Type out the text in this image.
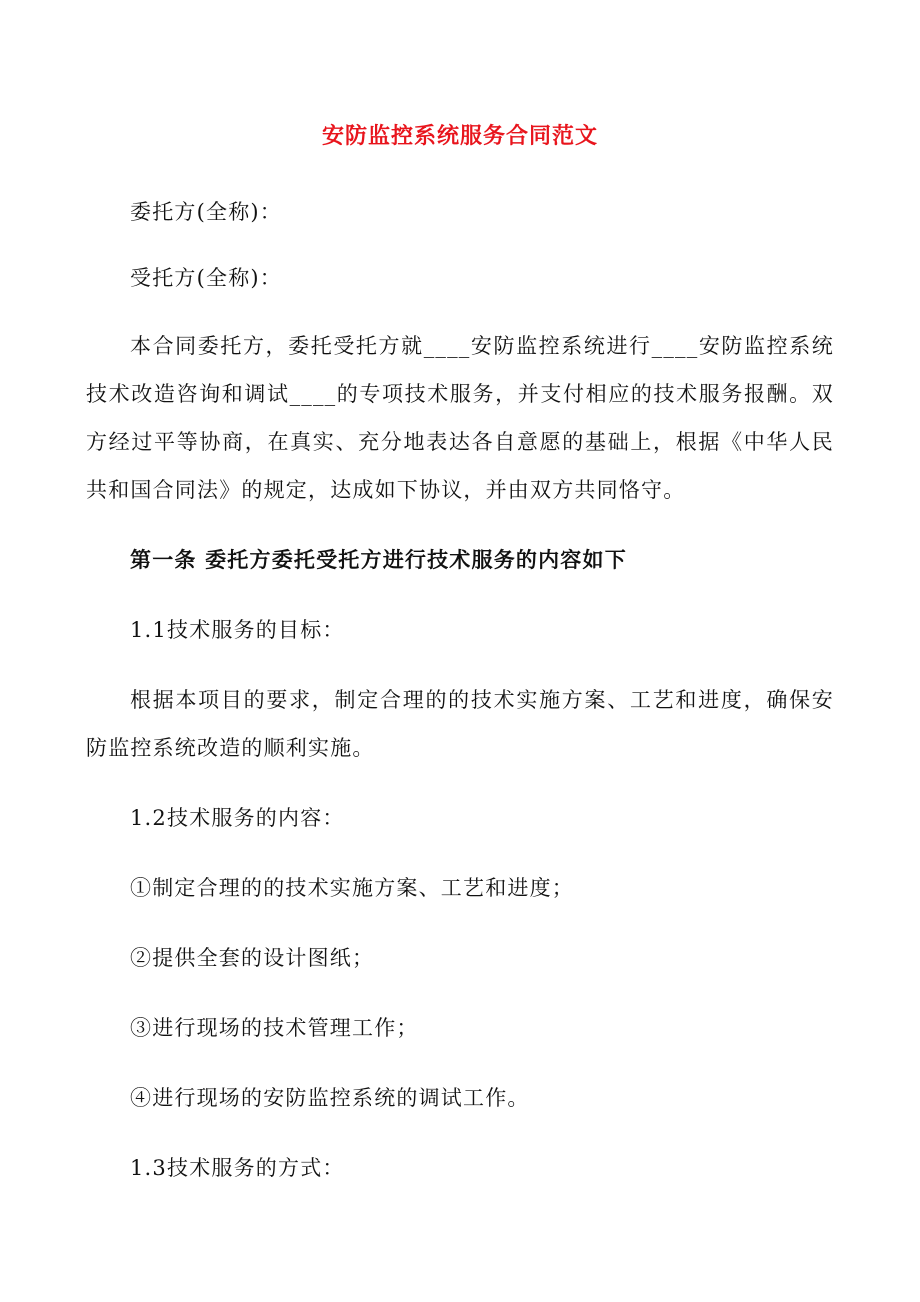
安防监控系统服务合同范文

委托方(全称)：

受托方(全称)：

本合同委托方，委托受托方就____安防监控系统进行____安防监控系统技术改造咨询和调试____的专项技术服务，并支付相应的技术服务报酬。双方经过平等协商，在真实、充分地表达各自意愿的基础上，根据《中华人民共和国合同法》的规定，达成如下协议，并由双方共同恪守。

第一条 委托方委托受托方进行技术服务的内容如下

1.1技术服务的目标：

根据本项目的要求，制定合理的的技术实施方案、工艺和进度，确保安防监控系统改造的顺利实施。

1.2技术服务的内容：

①制定合理的的技术实施方案、工艺和进度；

②提供全套的设计图纸；

③进行现场的技术管理工作；

④进行现场的安防监控系统的调试工作。

1.3技术服务的方式：
